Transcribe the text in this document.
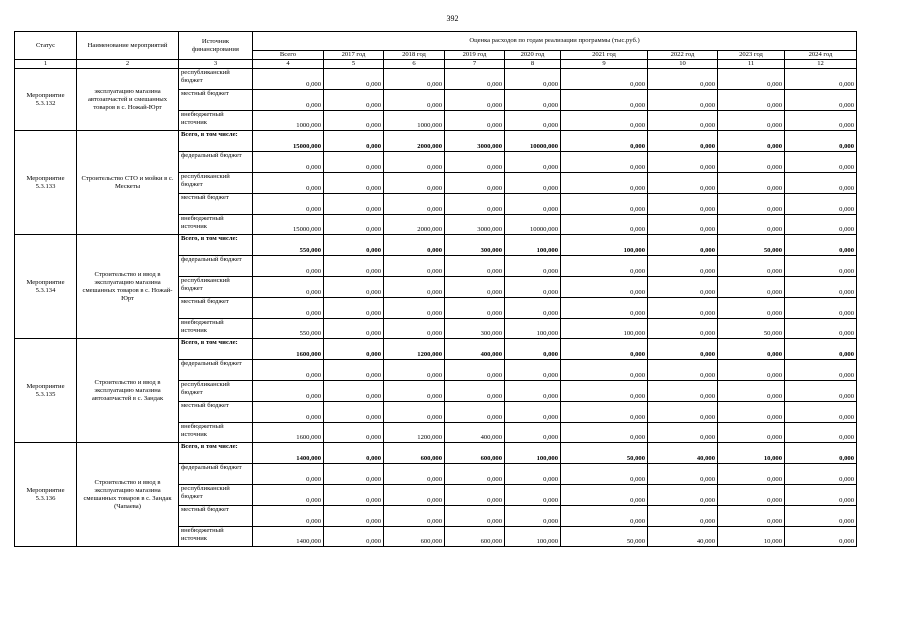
392
Статус	Наименование мероприятий	Источник финансирования	Оценка расходов по годам реализации программы (тыс.руб.)								
			Всего	2017 год	2018 год	2019 год	2020 год	2021 год	2022 год	2023 год	2024 год
1	2	3	4	5	6	7	8	9	10	11	12
Мероприятие 5.3.132	эксплуатацию магазина автозапчастей и смешанных товаров в с. Ножай-Юрт	республиканский бюджет	0,000	0,000	0,000	0,000	0,000	0,000	0,000	0,000	0,000
		местный бюджет	0,000	0,000	0,000	0,000	0,000	0,000	0,000	0,000	0,000
		внебюджетный источник	1000,000	0,000	1000,000	0,000	0,000	0,000	0,000	0,000	0,000
Мероприятие 5.3.133	Строительство СТО и мойки в с. Мескеты	Всего, в том числе:	15000,000	0,000	2000,000	3000,000	10000,000	0,000	0,000	0,000	0,000
		федеральный бюджет	0,000	0,000	0,000	0,000	0,000	0,000	0,000	0,000	0,000
		республиканский бюджет	0,000	0,000	0,000	0,000	0,000	0,000	0,000	0,000	0,000
		местный бюджет	0,000	0,000	0,000	0,000	0,000	0,000	0,000	0,000	0,000
		внебюджетный источник	15000,000	0,000	2000,000	3000,000	10000,000	0,000	0,000	0,000	0,000
Мероприятие 5.3.134	Строительство и ввод в эксплуатацию магазина смешанных товаров в с. Ножай-Юрт	Всего, в том числе:	550,000	0,000	0,000	300,000	100,000	100,000	0,000	50,000	0,000
		федеральный бюджет	0,000	0,000	0,000	0,000	0,000	0,000	0,000	0,000	0,000
		республиканский бюджет	0,000	0,000	0,000	0,000	0,000	0,000	0,000	0,000	0,000
		местный бюджет	0,000	0,000	0,000	0,000	0,000	0,000	0,000	0,000	0,000
		внебюджетный источник	550,000	0,000	0,000	300,000	100,000	100,000	0,000	50,000	0,000
Мероприятие 5.3.135	Строительство и ввод в эксплуатацию магазина автозапчастей в с. Зандак	Всего, в том числе:	1600,000	0,000	1200,000	400,000	0,000	0,000	0,000	0,000	0,000
		федеральный бюджет	0,000	0,000	0,000	0,000	0,000	0,000	0,000	0,000	0,000
		республиканский бюджет	0,000	0,000	0,000	0,000	0,000	0,000	0,000	0,000	0,000
		местный бюджет	0,000	0,000	0,000	0,000	0,000	0,000	0,000	0,000	0,000
		внебюджетный источник	1600,000	0,000	1200,000	400,000	0,000	0,000	0,000	0,000	0,000
Мероприятие 5.3.136	Строительство и ввод в эксплуатацию магазина смешанных товаров в с. Зандак (Чапаева)	Всего, в том числе:	1400,000	0,000	600,000	600,000	100,000	50,000	40,000	10,000	0,000
		федеральный бюджет	0,000	0,000	0,000	0,000	0,000	0,000	0,000	0,000	0,000
		республиканский бюджет	0,000	0,000	0,000	0,000	0,000	0,000	0,000	0,000	0,000
		местный бюджет	0,000	0,000	0,000	0,000	0,000	0,000	0,000	0,000	0,000
		внебюджетный источник	1400,000	0,000	600,000	600,000	100,000	50,000	40,000	10,000	0,000
